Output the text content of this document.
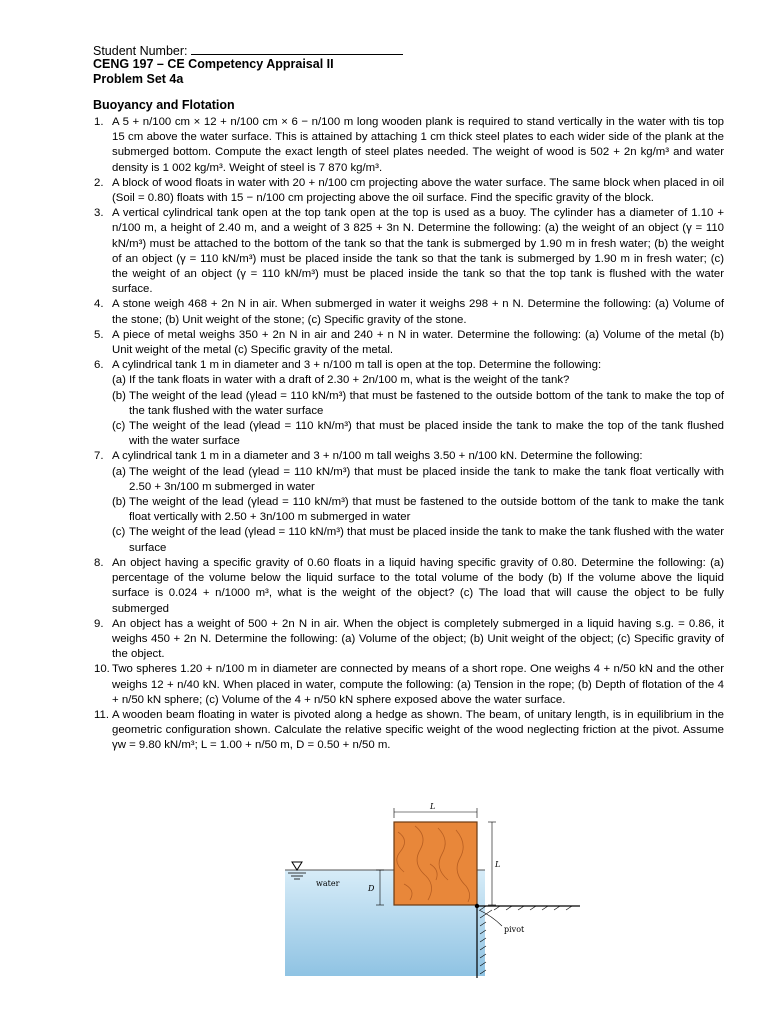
Student Number:
CENG 197 – CE Competency Appraisal II
Problem Set 4a
Buoyancy and Flotation
1. A 5 + n/100 cm × 12 + n/100 cm × 6 − n/100 m long wooden plank is required to stand vertically in the water with tis top 15 cm above the water surface. This is attained by attaching 1 cm thick steel plates to each wider side of the plank at the submerged bottom. Compute the exact length of steel plates needed. The weight of wood is 502 + 2n kg/m³ and water density is 1 002 kg/m³. Weight of steel is 7 870 kg/m³.
2. A block of wood floats in water with 20 + n/100 cm projecting above the water surface. The same block when placed in oil (Soil = 0.80) floats with 15 − n/100 cm projecting above the oil surface. Find the specific gravity of the block.
3. A vertical cylindrical tank open at the top tank open at the top is used as a buoy. The cylinder has a diameter of 1.10 + n/100 m, a height of 2.40 m, and a weight of 3 825 + 3n N. Determine the following: (a) the weight of an object (γ = 110 kN/m³) must be attached to the bottom of the tank so that the tank is submerged by 1.90 m in fresh water; (b) the weight of an object (γ = 110 kN/m³) must be placed inside the tank so that the tank is submerged by 1.90 m in fresh water; (c) the weight of an object (γ = 110 kN/m³) must be placed inside the tank so that the top tank is flushed with the water surface.
4. A stone weigh 468 + 2n N in air. When submerged in water it weighs 298 + n N. Determine the following: (a) Volume of the stone; (b) Unit weight of the stone; (c) Specific gravity of the stone.
5. A piece of metal weighs 350 + 2n N in air and 240 + n N in water. Determine the following: (a) Volume of the metal (b) Unit weight of the metal (c) Specific gravity of the metal.
6. A cylindrical tank 1 m in diameter and 3 + n/100 m tall is open at the top. Determine the following:
(a) If the tank floats in water with a draft of 2.30 + 2n/100 m, what is the weight of the tank?
(b) The weight of the lead (γlead = 110 kN/m³) that must be fastened to the outside bottom of the tank to make the top of the tank flushed with the water surface
(c) The weight of the lead (γlead = 110 kN/m³) that must be placed inside the tank to make the top of the tank flushed with the water surface
7. A cylindrical tank 1 m in a diameter and 3 + n/100 m tall weighs 3.50 + n/100 kN. Determine the following:
(a) The weight of the lead (γlead = 110 kN/m³) that must be placed inside the tank to make the tank float vertically with 2.50 + 3n/100 m submerged in water
(b) The weight of the lead (γlead = 110 kN/m³) that must be fastened to the outside bottom of the tank to make the tank float vertically with 2.50 + 3n/100 m submerged in water
(c) The weight of the lead (γlead = 110 kN/m³) that must be placed inside the tank to make the tank flushed with the water surface
8. An object having a specific gravity of 0.60 floats in a liquid having specific gravity of 0.80. Determine the following: (a) percentage of the volume below the liquid surface to the total volume of the body (b) If the volume above the liquid surface is 0.024 + n/1000 m³, what is the weight of the object? (c) The load that will cause the object to be fully submerged
9. An object has a weight of 500 + 2n N in air. When the object is completely submerged in a liquid having s.g. = 0.86, it weighs 450 + 2n N. Determine the following: (a) Volume of the object; (b) Unit weight of the object; (c) Specific gravity of the object.
10. Two spheres 1.20 + n/100 m in diameter are connected by means of a short rope. One weighs 4 + n/50 kN and the other weighs 12 + n/40 kN. When placed in water, compute the following: (a) Tension in the rope; (b) Depth of flotation of the 4 + n/50 kN sphere; (c) Volume of the 4 + n/50 kN sphere exposed above the water surface.
11. A wooden beam floating in water is pivoted along a hedge as shown. The beam, of unitary length, is in equilibrium in the geometric configuration shown. Calculate the relative specific weight of the wood neglecting friction at the pivot. Assume γw = 9.80 kN/m³; L = 1.00 + n/50 m, D = 0.50 + n/50 m.
water
L
L
D
pivot
